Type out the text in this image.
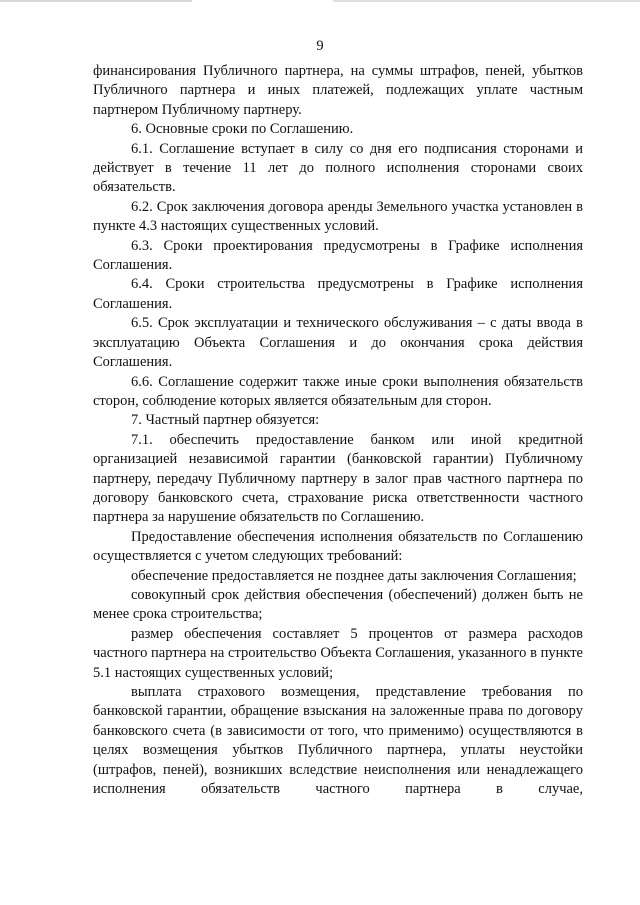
9

финансирования Публичного партнера, на суммы штрафов, пеней, убытков Публичного партнера и иных платежей, подлежащих уплате частным партнером Публичному партнеру.

6. Основные сроки по Соглашению.

6.1. Соглашение вступает в силу со дня его подписания сторонами и действует в течение 11 лет до полного исполнения сторонами своих обязательств.

6.2. Срок заключения договора аренды Земельного участка установлен в пункте 4.3 настоящих существенных условий.

6.3. Сроки проектирования предусмотрены в Графике исполнения Соглашения.

6.4. Сроки строительства предусмотрены в Графике исполнения Соглашения.

6.5. Срок эксплуатации и технического обслуживания – с даты ввода в эксплуатацию Объекта Соглашения и до окончания срока действия Соглашения.

6.6. Соглашение содержит также иные сроки выполнения обязательств сторон, соблюдение которых является обязательным для сторон.

7. Частный партнер обязуется:

7.1. обеспечить предоставление банком или иной кредитной организацией независимой гарантии (банковской гарантии) Публичному партнеру, передачу Публичному партнеру в залог прав частного партнера по договору банковского счета, страхование риска ответственности частного партнера за нарушение обязательств по Соглашению.

Предоставление обеспечения исполнения обязательств по Соглашению осуществляется с учетом следующих требований:

обеспечение предоставляется не позднее даты заключения Соглашения;

совокупный срок действия обеспечения (обеспечений) должен быть не менее срока строительства;

размер обеспечения составляет 5 процентов от размера расходов частного партнера на строительство Объекта Соглашения, указанного в пункте 5.1 настоящих существенных условий;

выплата страхового возмещения, представление требования по банковской гарантии, обращение взыскания на заложенные права по договору банковского счета (в зависимости от того, что применимо) осуществляются в целях возмещения убытков Публичного партнера, уплаты неустойки (штрафов, пеней), возникших вследствие неисполнения или ненадлежащего исполнения обязательств частного партнера в случае,
